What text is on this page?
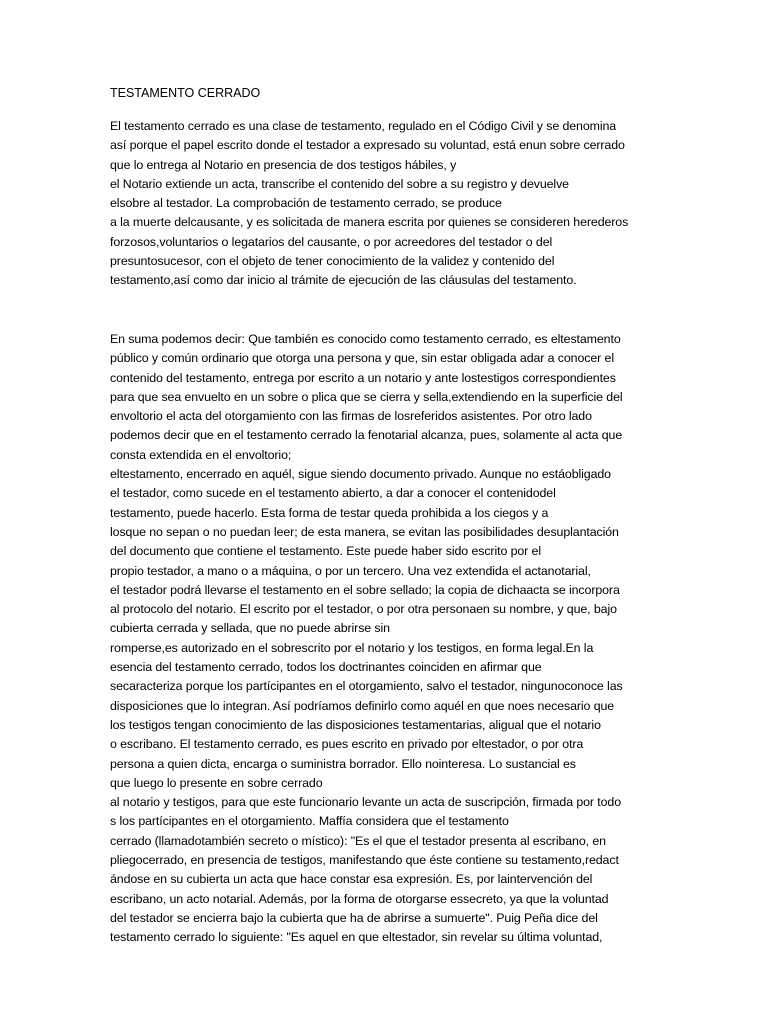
TESTAMENTO CERRADO
El testamento cerrado es una clase de testamento, regulado en el Código Civil y se denomina
así porque el papel escrito donde el testador a expresado su voluntad, está enun sobre cerrado
que lo entrega al Notario en presencia de dos testigos hábiles, y
el Notario extiende un acta, transcribe el contenido del sobre a su registro y devuelve
elsobre al testador. La comprobación de testamento cerrado, se produce
a la muerte delcausante, y es solicitada de manera escrita por quienes se consideren herederos
forzosos,voluntarios o legatarios del causante, o por acreedores del testador o del
presuntosucesor, con el objeto de tener conocimiento de la validez y contenido del
testamento,así como dar inicio al trámite de ejecución de las cláusulas del testamento.
En suma podemos decir: Que también es conocido como testamento cerrado, es eltestamento
público y común ordinario que otorga una persona y que, sin estar obligada adar a conocer el
contenido del testamento, entrega por escrito a un notario y ante lostestigos correspondientes
para que sea envuelto en un sobre o plica que se cierra y sella,extendiendo en la superficie del
envoltorio el acta del otorgamiento con las firmas de losreferidos asistentes. Por otro lado
podemos decir que en el testamento cerrado la fenotarial alcanza, pues, solamente al acta que
consta extendida en el envoltorio;
eltestamento, encerrado en aquél, sigue siendo documento privado. Aunque no estáobligado
el testador, como sucede en el testamento abierto, a dar a conocer el contenidodel
testamento, puede hacerlo. Esta forma de testar queda prohibida a los ciegos y a
losque no sepan o no puedan leer; de esta manera, se evitan las posibilidades desuplantación
del documento que contiene el testamento. Este puede haber sido escrito por el
propio testador, a mano o a máquina, o por un tercero. Una vez extendida el actanotarial,
el testador podrá llevarse el testamento en el sobre sellado; la copia de dichaacta se incorpora
al protocolo del notario. El escrito por el testador, o por otra personaen su nombre, y que, bajo
cubierta cerrada y sellada, que no puede abrirse sin
romperse,es autorizado en el sobrescrito por el notario y los testigos, en forma legal.En la
esencia del testamento cerrado, todos los doctrinantes coinciden en afirmar que
secaracteriza porque los partícipantes en el otorgamiento, salvo el testador, ningunoconoce las
disposiciones que lo integran. Así podríamos definirlo como aquél en que noes necesario que
los testigos tengan conocimiento de las disposiciones testamentarias, aligual que el notario
o escribano. El testamento cerrado, es pues escrito en privado por eltestador, o por otra
persona a quien dicta, encarga o suministra borrador. Ello nointeresa. Lo sustancial es
que luego lo presente en sobre cerrado
al notario y testigos, para que este funcionario levante un acta de suscripción, firmada por todo
s los partícipantes en el otorgamiento. Maffía considera que el testamento
cerrado (llamadotambién secreto o místico): "Es el que el testador presenta al escribano, en
pliegocerrado, en presencia de testigos, manifestando que éste contiene su testamento,redact
ándose en su cubierta un acta que hace constar esa expresión. Es, por laintervención del
escribano, un acto notarial. Además, por la forma de otorgarse essecreto, ya que la voluntad
del testador se encierra bajo la cubierta que ha de abrirse a sumuerte". Puig Peña dice del
testamento cerrado lo siguiente: "Es aquel en que eltestador, sin revelar su última voluntad,
